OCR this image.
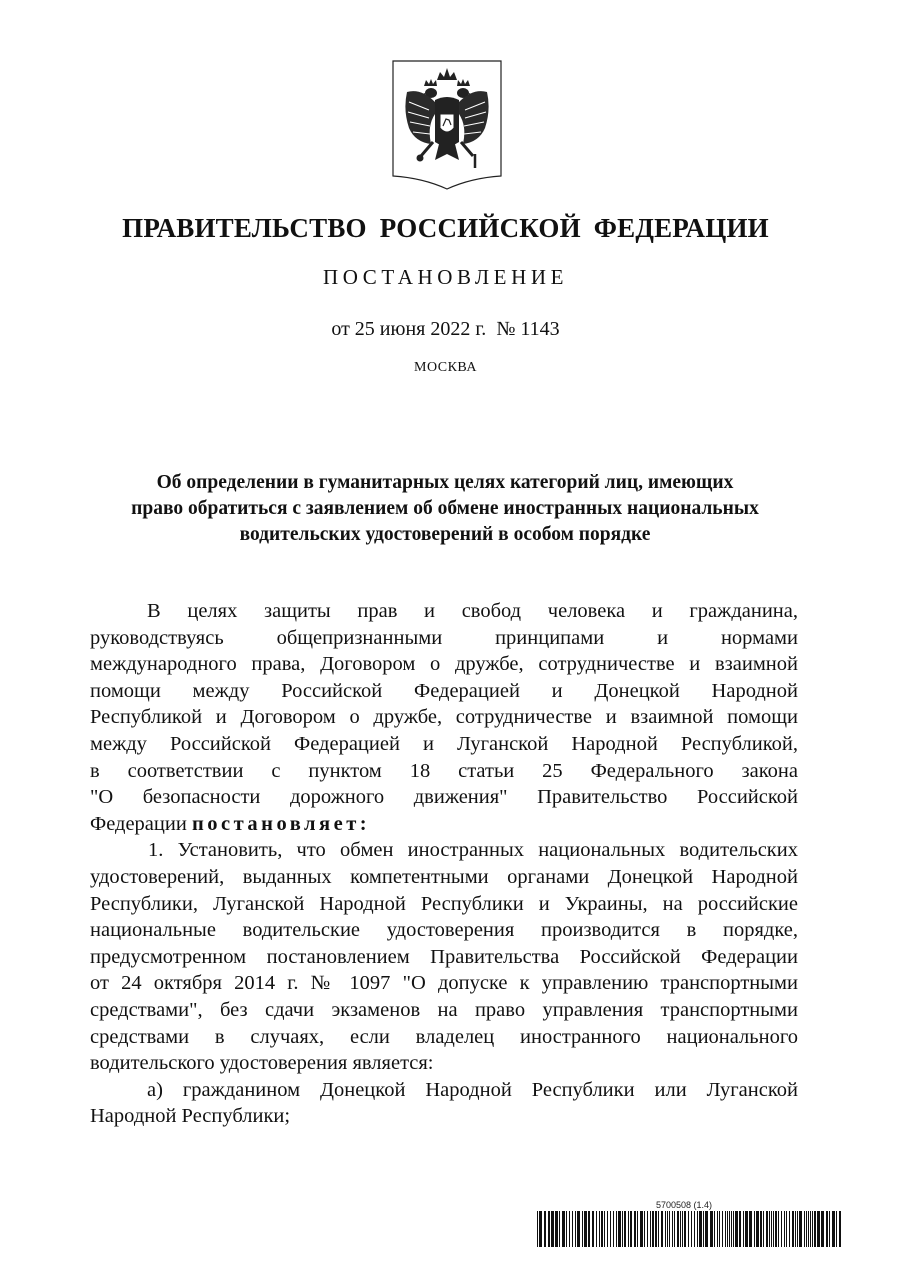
ПРАВИТЕЛЬСТВО РОССИЙСКОЙ ФЕДЕРАЦИИ
ПОСТАНОВЛЕНИЕ
от 25 июня 2022 г. № 1143
МОСКВА
Об определении в гуманитарных целях категорий лиц, имеющих
право обратиться с заявлением об обмене иностранных национальных
водительских удостоверений в особом порядке
В целях защиты прав и свобод человека и гражданина,
руководствуясь общепризнанными принципами и нормами
международного права, Договором о дружбе, сотрудничестве и взаимной
помощи между Российской Федерацией и Донецкой Народной
Республикой и Договором о дружбе, сотрудничестве и взаимной помощи
между Российской Федерацией и Луганской Народной Республикой,
в соответствии с пунктом 18 статьи 25 Федерального закона
"О безопасности дорожного движения" Правительство Российской
Федерации постановляет:
1. Установить, что обмен иностранных национальных водительских
удостоверений, выданных компетентными органами Донецкой Народной
Республики, Луганской Народной Республики и Украины, на российские
национальные водительские удостоверения производится в порядке,
предусмотренном постановлением Правительства Российской Федерации
от 24 октября 2014 г. № 1097 "О допуске к управлению транспортными
средствами", без сдачи экзаменов на право управления транспортными
средствами в случаях, если владелец иностранного национального
водительского удостоверения является:
а) гражданином Донецкой Народной Республики или Луганской
Народной Республики;
5700508 (1.4)
